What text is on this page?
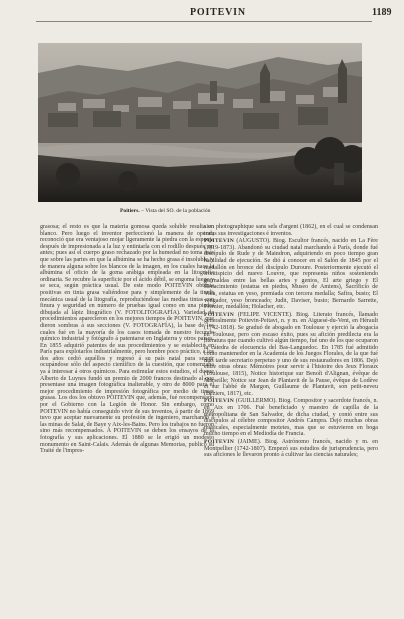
POITEVIN	1189
Poitiers. – Vista del SO. de la población

grasosa; el resto es que la materia gomosa queda soluble resulta en blanco. Pero luego el inventor perfeccionó la manera de operar; reconoció que era ventajoso mojar ligeramente la piedra con la esponja después de impresionada a la luz y entintarla con el rodillo después, no antes; pues así el cuerpo graso rechazado por la humedad no toma más que sobre las partes en que la albúmina se ha hecho grasa é insoluble, y de manera alguna sobre los blancos de la imagen, en los cuales hace la albúmina el oficio de la goma arábiga empleada en la litografía ordinaria. Se recubre la superficie por el ácido débil, se engoma luego y se seca, según práctica usual. De este modo POITEVIN obtenía positivas en tinta grasa valiéndose para y simplemente de la tirada mecánica usual de la litografía, reproduciéndose las medias tintas con finura y seguridad en número de pruebas igual como en una piedra dibujada al lápiz litográfico (V. FOTOLITOGRAFÍA). Variedad de procedimientos aparecieron en los mejores tiempos de POITEVIN, que dieron sombras á sus secciones (V. FOTOGRAFÍA), la base de los cuales fué en la mayoría de los casos tomada de nuestro fecundo químico industrial y fotógrafo á patentarse en Inglaterra y otros países. En 1855 adquirió patentes de sus procedimientos y se estableció en París para explotarlos industrialmente, pero hombre poco práctico, á los dos años cedió aquéllos y regresó á su país natal para seguir ocupándose sólo del aspecto científico de la cuestión, que comenzaba ya á interesar á otros químicos. Para estimular estos estudios, el duque Alberto de Luynes fundó un premio de 2000 francos destinado al que presentase una imagen fotográfica inalterable, y otro de 8000 para el mejor procedimiento de impresión fotográfica por medio de tintas grasas. Los dos los obtuvo POITEVIN que, además, fué recompensado por el Gobierno con la Legión de Honor. Sin embargo, como POITEVIN no había conseguido vivir de sus inventos, á partir de 1869 tuvo que aceptar nuevamente su profesión de ingeniero, marchando á las minas de Salat, de Baye y Aix-les-Bains. Pero los trabajos no fueron sino más recompensados. A POITEVIN se deben los ensayos de la fotografía y sus aplicaciones. El 1880 se le erigió un modesto monumento en Saint-Calais. Además de algunas Memorias, publicó su Traité de l'impres-

sion photographique sans sels d'argent (1862), en el cual se condensan todas sus investigaciones é inventos.

POITEVIN (AUGUSTO). Biog. Escultor francés, nacido en La Fère (1819-1873). Abandonó su ciudad natal marchando á París, donde fué discípulo de Rude y de Maindron, adquiriendo en poco tiempo gran habilidad de ejecución. Se dió á conocer en el Salón de 1845 por el medallón en bronce del discípulo Duroure. Posteriormente ejecutó el frontispicio del nuevo Louvre, que representa niños sosteniendo guirnaldas entre las bellas artes y genios, El arte griego y El Renacimiento (estatua en piedra, Museo de Amiens), Sacrificio de Vida, estatua en yeso, premiada con tercera medalla; Safira, busto; El vengador, yeso bronceado; Judit, Daviser, busto; Bernardo Sarrette, Premier, medallón; Holacher, etc.

POITEVIN (FELIPE VICENTE). Biog. Literato francés, llamado generalmente Poitevin-Peitavi, n. y m. en Aiguesé-du-Vent, en Hérault (1742-1818). Se graduó de abogado en Toulouse y ejerció la abogacía en Toulouse, pero con escaso éxito, pues su afición predilecta era la literatura que cuando cultivó algún tiempo, fué uno de los que ocuparon la cátedra de elocuencia del Bas-Languedoc. En 1785 fué admitido como mantenedor en la Academia de los Juegos Florales, de la que fué más tarde secretario perpetuo y uno de sus restauradores en 1806. Dejó entre otras obras: Mémoires pour servir à l'histoire des Jeux Floraux (Toulouse, 1815), Notice historique sur Benoît d'Alignan, évêque de Marseille; Notice sur Jean de Plantavit de la Pause, évêque de Lodève et sur l'abbé de Margon, Guillaume de Plantavit, son petit-neveu (Béziers, 1817), etc.

POITEVIN (GUILLERMO). Biog. Compositor y sacerdote francés, n. en Aix en 1706. Fué beneficiado y maestro de capilla de la metropolitana de San Salvador, de dicha ciudad, y contó entre sus discípulos al célebre compositor Andrés Campra. Dejó muchas obras musicales, especialmente motetes, mas que se estuvieron en boga mucho tiempo en el Mediodía de Francia.

POITEVIN (JAIME). Biog. Astrónomo francés, nacido y m. en Montpellier (1742-1807). Empezó sus estudios de jurisprudencia, pero sus aficiones le llevaron pronto á cultivar las ciencias naturales;
